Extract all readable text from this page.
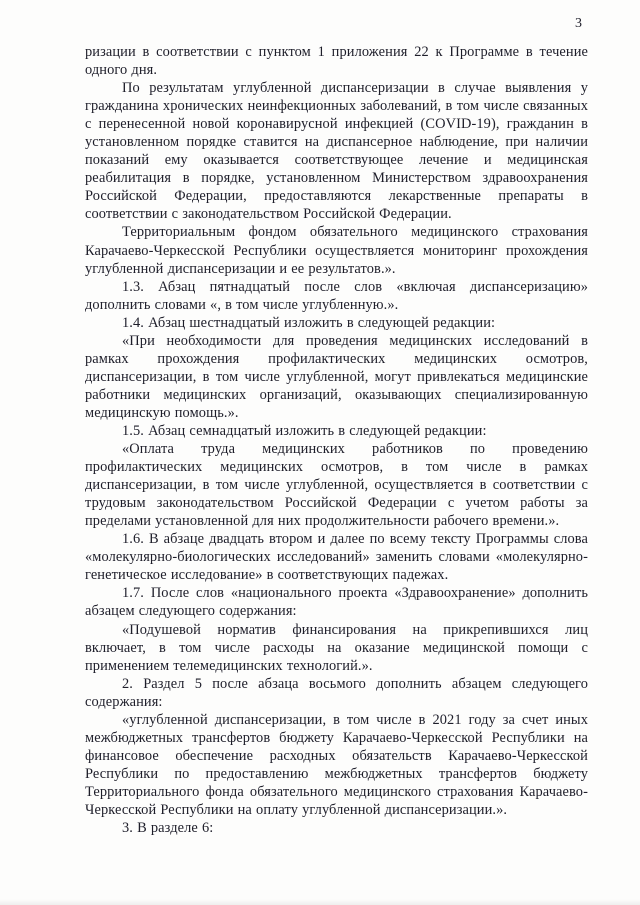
3

ризации в соответствии с пунктом 1 приложения 22 к Программе в течение одного дня.

По результатам углубленной диспансеризации в случае выявления у гражданина хронических неинфекционных заболеваний, в том числе связанных с перенесенной новой коронавирусной инфекцией (COVID-19), гражданин в установленном порядке ставится на диспансерное наблюдение, при наличии показаний ему оказывается соответствующее лечение и медицинская реабилитация в порядке, установленном Министерством здравоохранения Российской Федерации, предоставляются лекарственные препараты в соответствии с законодательством Российской Федерации.

Территориальным фондом обязательного медицинского страхования Карачаево-Черкесской Республики осуществляется мониторинг прохождения углубленной диспансеризации и ее результатов.».

1.3. Абзац пятнадцатый после слов «включая диспансеризацию» дополнить словами «, в том числе углубленную.».

1.4. Абзац шестнадцатый изложить в следующей редакции:

«При необходимости для проведения медицинских исследований в рамках прохождения профилактических медицинских осмотров, диспансеризации, в том числе углубленной, могут привлекаться медицинские работники медицинских организаций, оказывающих специализированную медицинскую помощь.».

1.5. Абзац семнадцатый изложить в следующей редакции:

«Оплата труда медицинских работников по проведению профилактических медицинских осмотров, в том числе в рамках диспансеризации, в том числе углубленной, осуществляется в соответствии с трудовым законодательством Российской Федерации с учетом работы за пределами установленной для них продолжительности рабочего времени.».

1.6. В абзаце двадцать втором и далее по всему тексту Программы слова «молекулярно-биологических исследований» заменить словами «молекулярно-генетическое исследование» в соответствующих падежах.

1.7. После слов «национального проекта «Здравоохранение» дополнить абзацем следующего содержания:

«Подушевой норматив финансирования на прикрепившихся лиц включает, в том числе расходы на оказание медицинской помощи с применением телемедицинских технологий.».

2. Раздел 5 после абзаца восьмого дополнить абзацем следующего содержания:

«углубленной диспансеризации, в том числе в 2021 году за счет иных межбюджетных трансфертов бюджету Карачаево-Черкесской Республики на финансовое обеспечение расходных обязательств Карачаево-Черкесской Республики по предоставлению межбюджетных трансфертов бюджету Территориального фонда обязательного медицинского страхования Карачаево-Черкесской Республики на оплату углубленной диспансеризации.».

3. В разделе 6:
